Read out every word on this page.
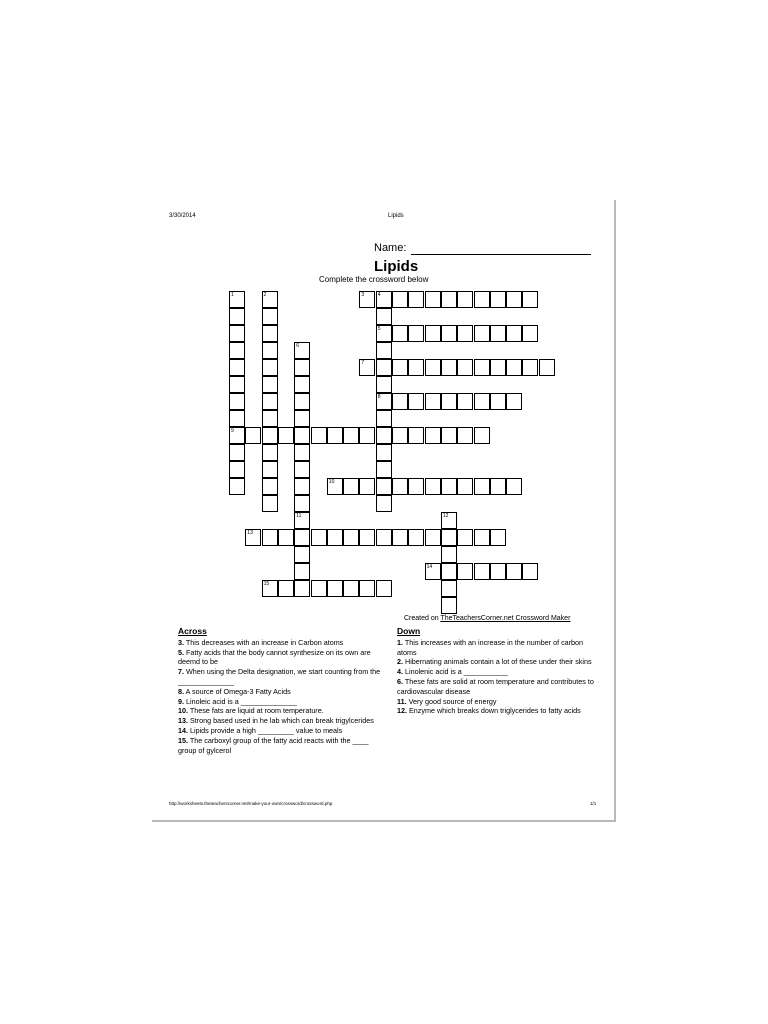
3/30/2014	Lipids
Name:
Lipids
Complete the crossword below
1
9
2	3	4
5
8
6
11
7
10
12
13
14
15
Created on TheTeachersCorner.net Crossword Maker
Across

3. This decreases with an increase in Carbon atoms

5. Fatty acids that the body cannot synthesize on its own are deemd to be

7. When using the Delta designation, we start counting from the ______________

8. A source of Omega-3 Fatty Acids

9. Linoleic acid is a ______________

10. These fats are liquid at room temperature.

13. Strong based used in he lab which can break trigylcerides

14. Lipids provide a high _________ value to meals

15. The carboxyl group of the fatty acid reacts with the ____ group of gylcerol

Down

1. This increases with an increase in the number of carbon atoms

2. Hibernating animals contain a lot of these under their skins

4. Linolenic acid is a ___________

6. These fats are solid at room temperature and contributes to cardiovascular disease

11. Very good source of energy

12. Enzyme which breaks down triglycerides to fatty acids

http://worksheets.theteacherscorner.net/make-your-own/crossword/crossword.php	1/1
